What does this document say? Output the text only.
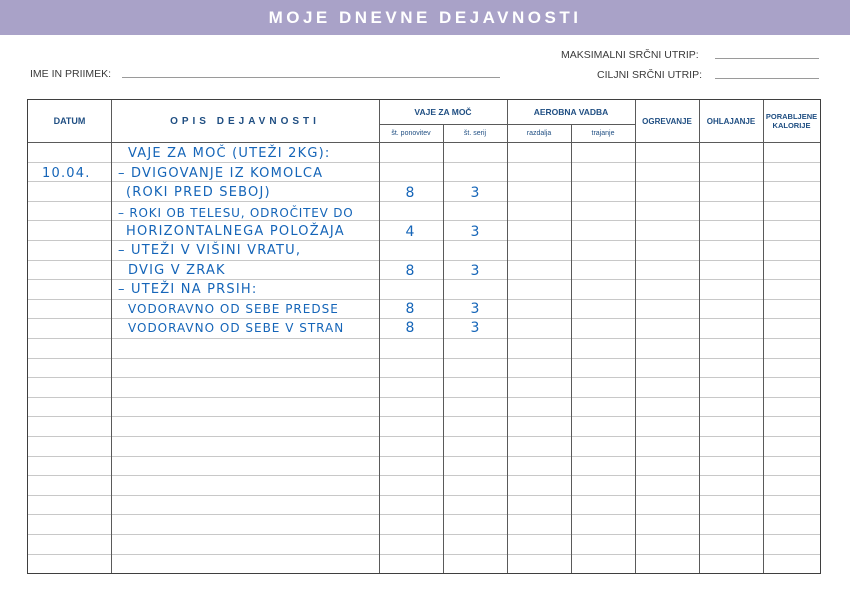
MOJE DNEVNE DEJAVNOSTI
MAKSIMALNI SRČNI UTRIP:
IME IN PRIIMEK:	CILJNI SRČNI UTRIP:
DATUM	OPIS DEJAVNOSTI
VAJE ZA MOČ
št. ponovitev	št. serij
AEROBNA VADBA
razdalja	trajanje
OGREVANJE	OHLAJANJE	PORABLJENE
KALORIJE
VAJE ZA MOČ (UTEŽI 2KG):
10.04. – DVIGOVANJE IZ KOMOLCA
(ROKI PRED SEBOJ)	8	3
– ROKI OB TELESU, ODROČITEV DO
HORIZONTALNEGA POLOŽAJA	4	3
– UTEŽI V VIŠINI VRATU,
DVIG V ZRAK	8	3
– UTEŽI NA PRSIH:
VODORAVNO OD SEBE PREDSE	8	3
VODORAVNO OD SEBE V STRAN	8	3
